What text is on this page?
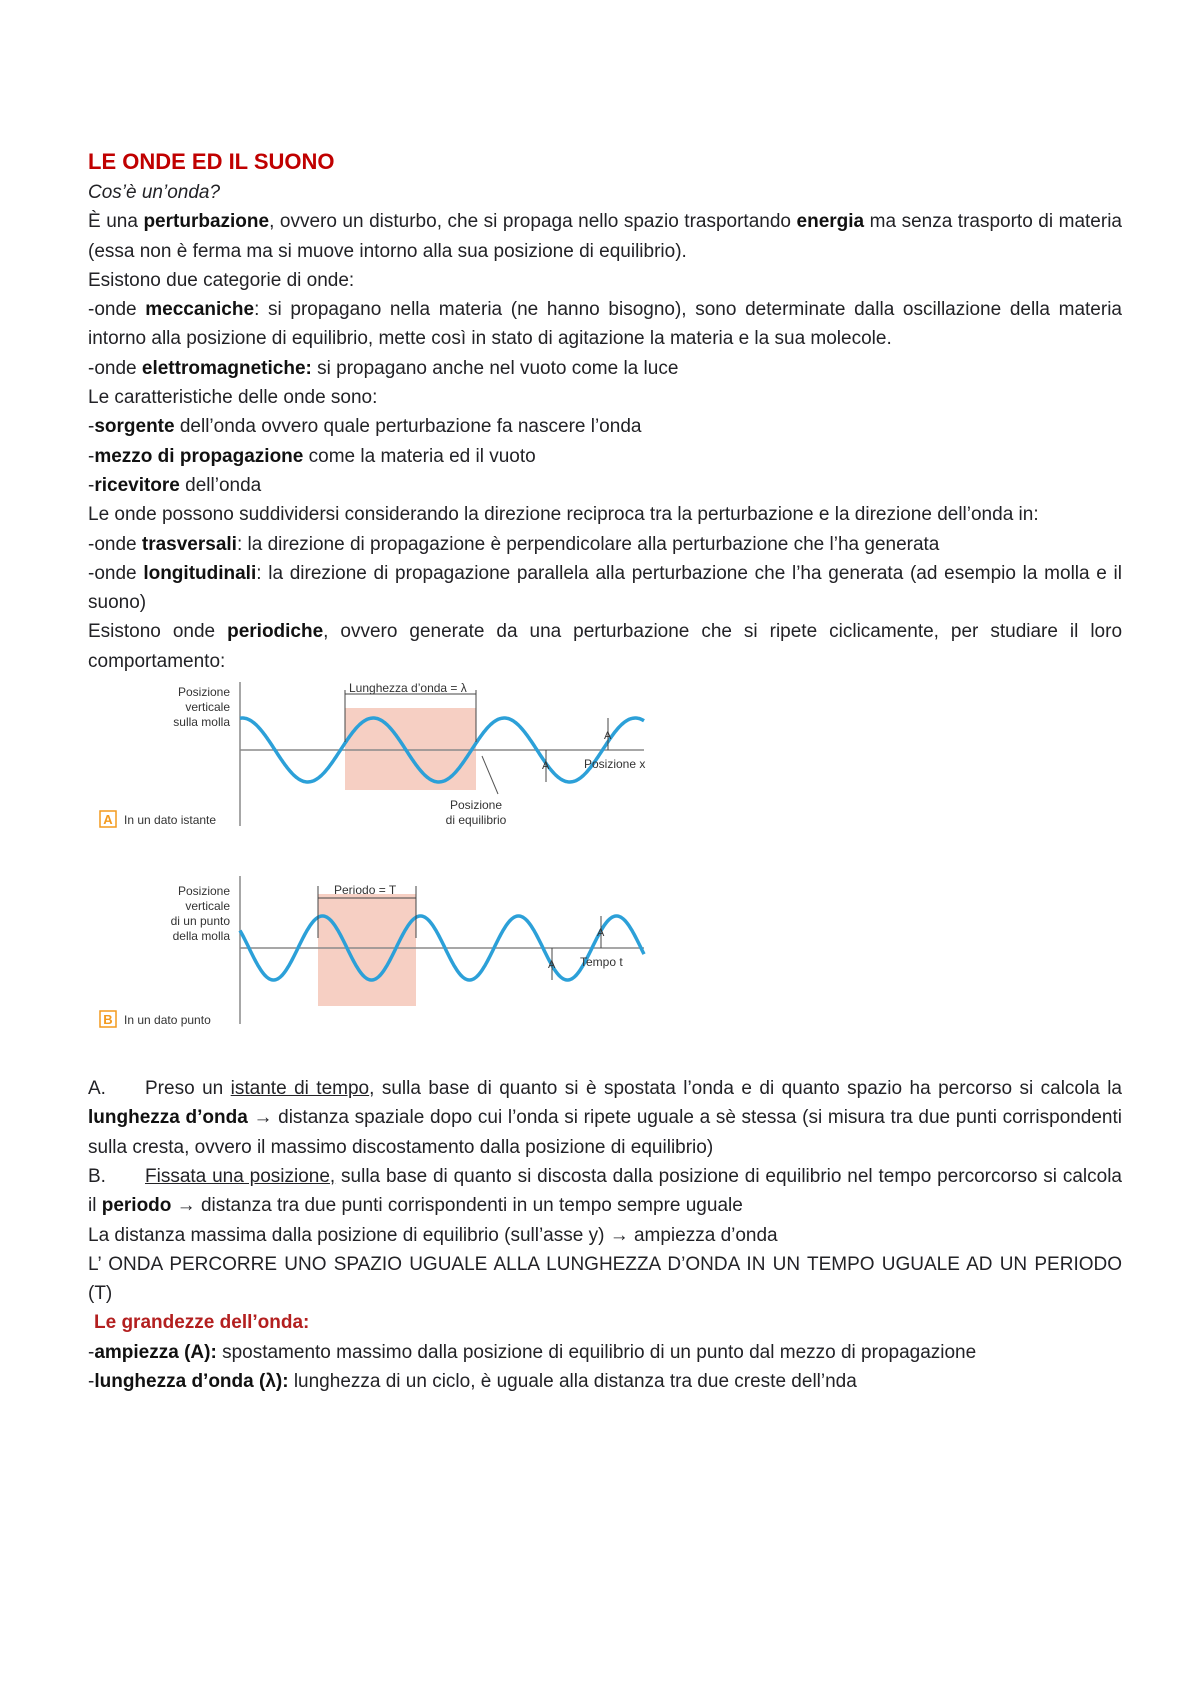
LE ONDE ED IL SUONO

Cos’è un’onda?

È una perturbazione, ovvero un disturbo, che si propaga nello spazio trasportando energia ma senza trasporto di materia (essa non è ferma ma si muove intorno alla sua posizione di equilibrio).

Esistono due categorie di onde:

-onde meccaniche: si propagano nella materia (ne hanno bisogno), sono determinate dalla oscillazione della materia intorno alla posizione di equilibrio, mette così in stato di agitazione la materia e la sua molecole.

-onde elettromagnetiche: si propagano anche nel vuoto come la luce

Le caratteristiche delle onde sono:

-sorgente dell’onda ovvero quale perturbazione fa nascere l’onda

-mezzo di propagazione come la materia ed il vuoto

-ricevitore dell’onda

Le onde possono suddividersi considerando la direzione reciproca tra la perturbazione e la direzione dell’onda in:

-onde trasversali: la direzione di propagazione è perpendicolare alla perturbazione che l’ha generata

-onde longitudinali: la direzione di propagazione parallela alla perturbazione che l’ha generata (ad esempio la molla e il suono)

Esistono onde periodiche, ovvero generate da una perturbazione che si ripete ciclicamente, per studiare il loro comportamento:

Lunghezza d’onda = λ
A
A	Posizione x
Posizione
verticale
sulla molla
Posizione
di equilibrio
A In un dato istante
Periodo = T
A
A Tempo t
Posizione
verticale
di un punto
della molla
B In un dato punto

A. Preso un istante di tempo, sulla base di quanto si è spostata l’onda e di quanto spazio ha percorso si calcola la lunghezza d’onda → distanza spaziale dopo cui l’onda si ripete uguale a sè stessa (si misura tra due punti corrispondenti sulla cresta, ovvero il massimo discostamento dalla posizione di equilibrio)

B. Fissata una posizione, sulla base di quanto si discosta dalla posizione di equilibrio nel tempo percorcorso si calcola il periodo → distanza tra due punti corrispondenti in un tempo sempre uguale

La distanza massima dalla posizione di equilibrio (sull’asse y) → ampiezza d’onda

L’ ONDA PERCORRE UNO SPAZIO UGUALE ALLA LUNGHEZZA D’ONDA IN UN TEMPO UGUALE AD UN PERIODO (T)

Le grandezze dell’onda:

-ampiezza (A): spostamento massimo dalla posizione di equilibrio di un punto dal mezzo di propagazione

-lunghezza d’onda (λ): lunghezza di un ciclo, è uguale alla distanza tra due creste dell’nda
